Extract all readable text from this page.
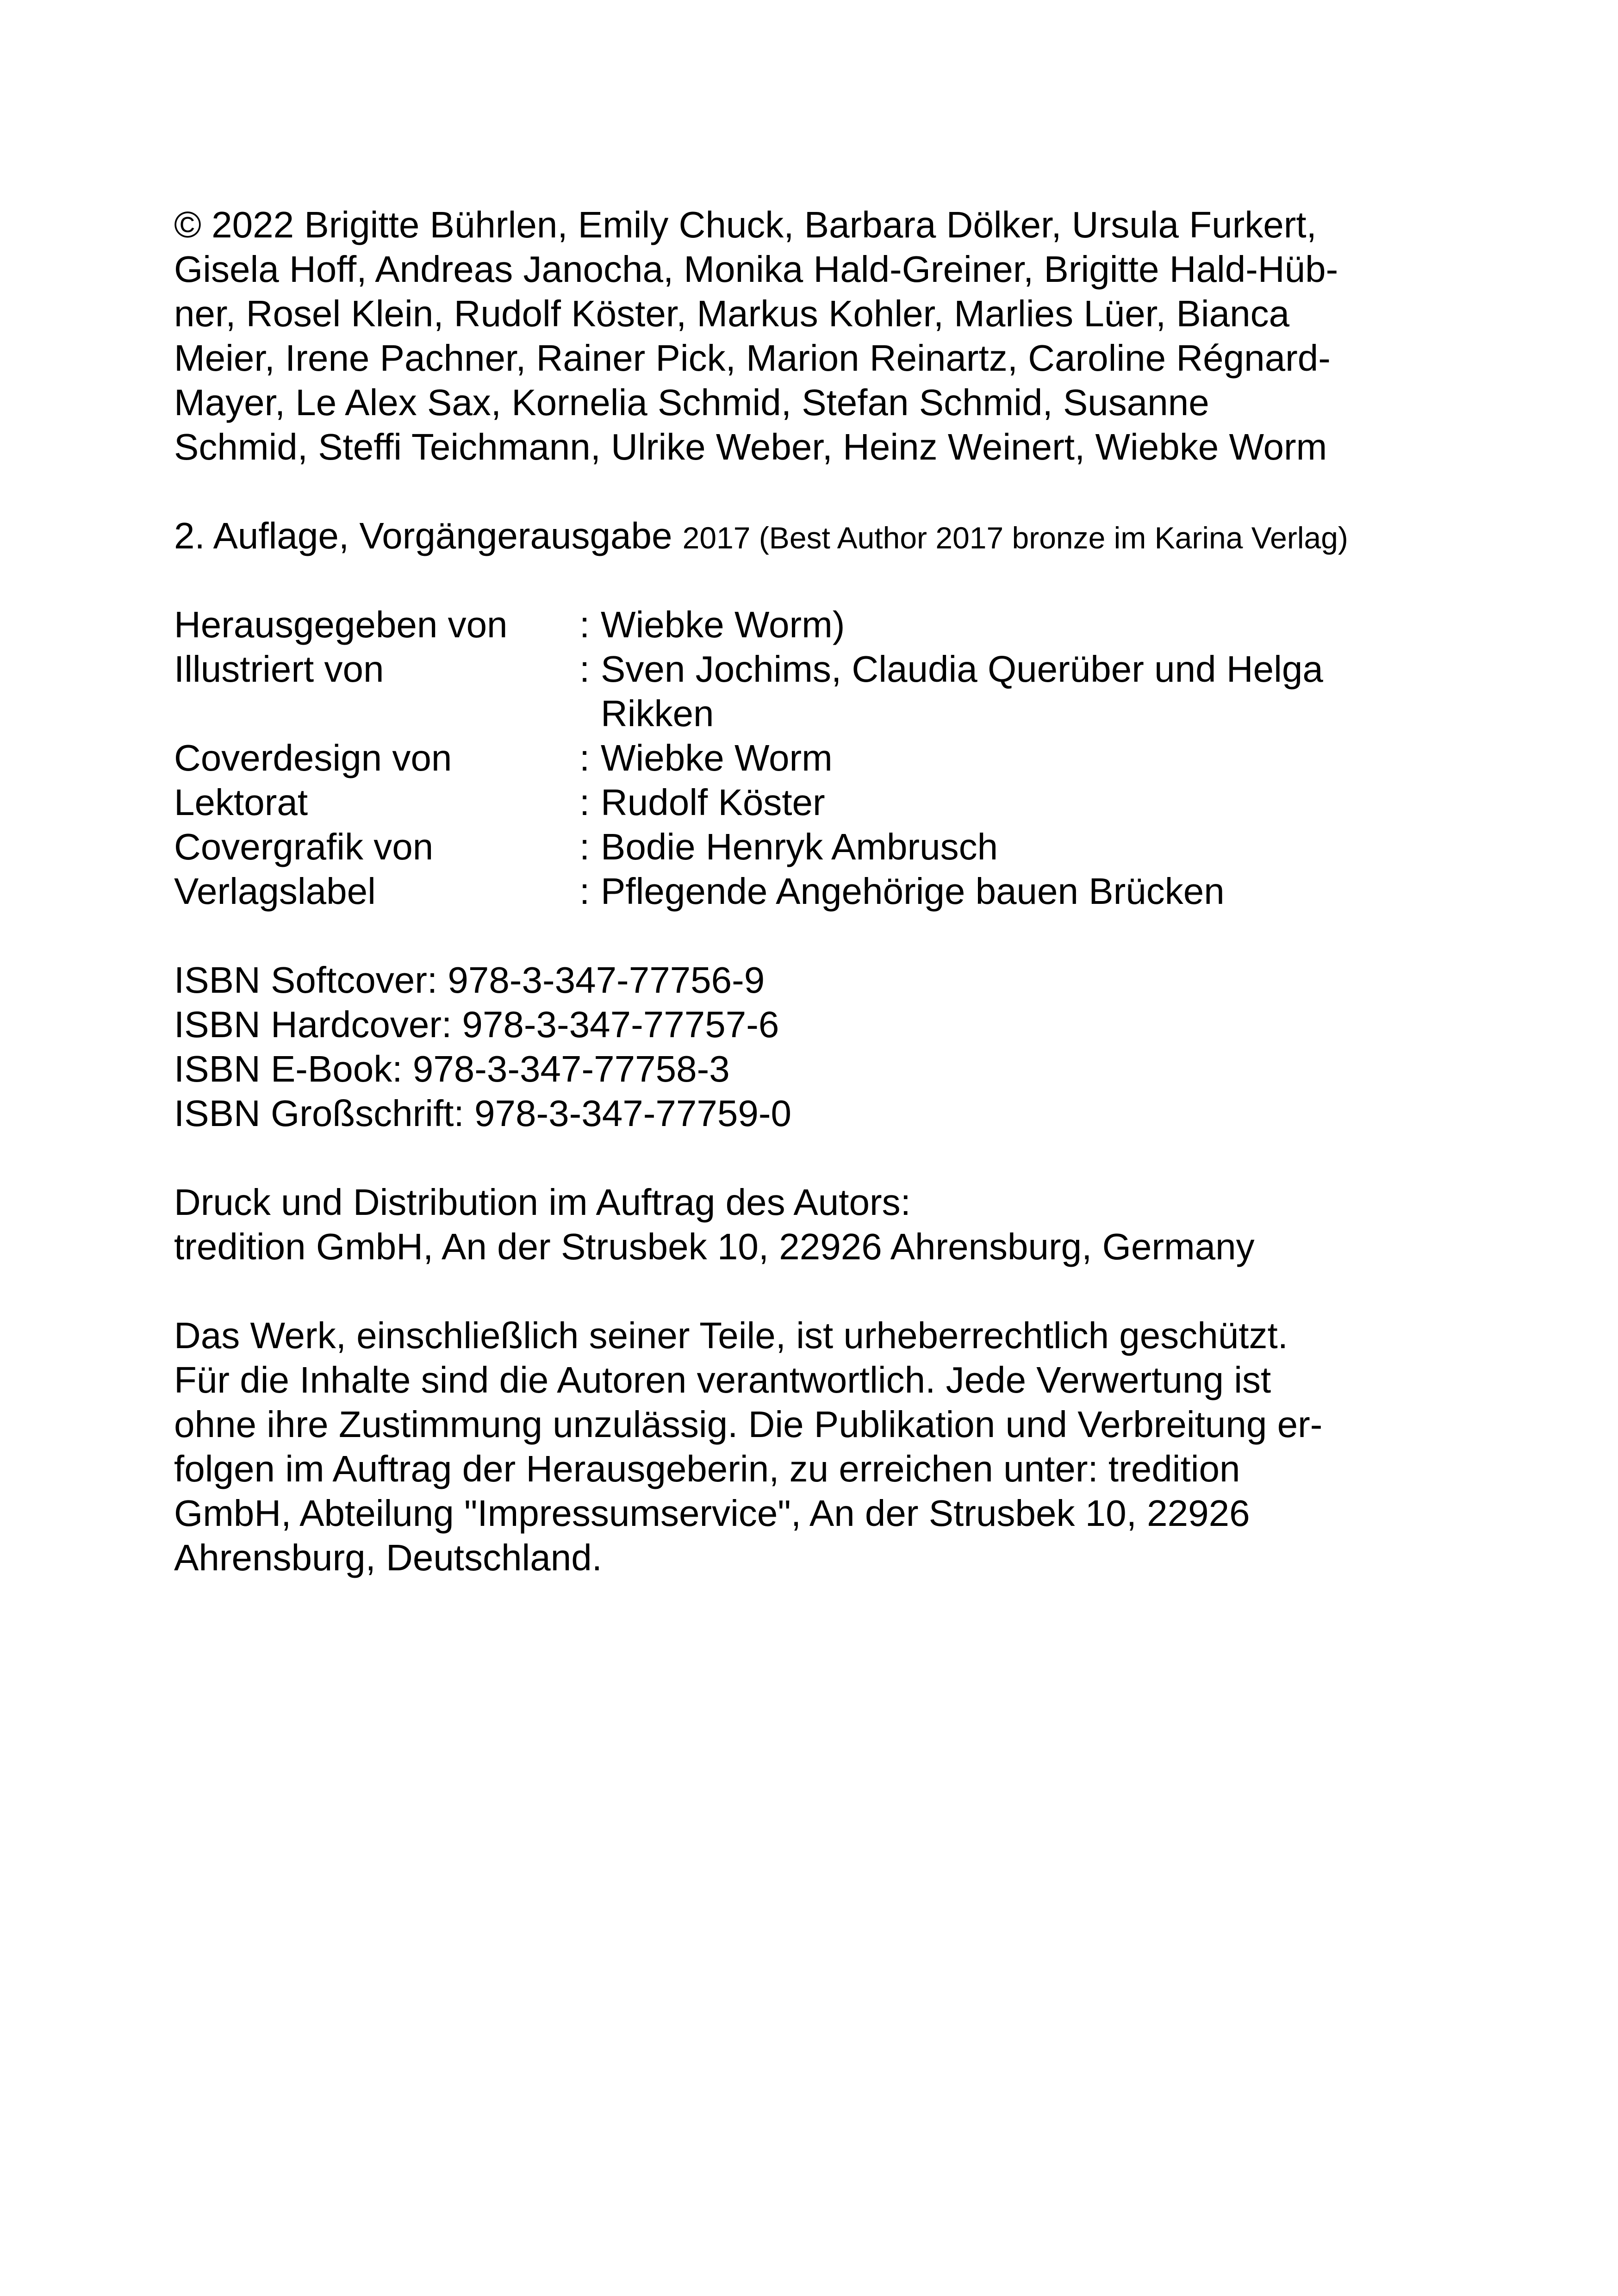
© 2022 Brigitte Bührlen, Emily Chuck, Barbara Dölker, Ursula Furkert,
Gisela Hoff, Andreas Janocha, Monika Hald-Greiner, Brigitte Hald-Hüb-
ner, Rosel Klein, Rudolf Köster, Markus Kohler, Marlies Lüer, Bianca
Meier, Irene Pachner, Rainer Pick, Marion Reinartz, Caroline Régnard-
Mayer, Le Alex Sax, Kornelia Schmid, Stefan Schmid, Susanne
Schmid, Steffi Teichmann, Ulrike Weber, Heinz Weinert, Wiebke Worm
2. Auflage, Vorgängerausgabe 2017 (Best Author 2017 bronze im Karina Verlag)
Herausgegeben von	: Wiebke Worm)
Illustriert von	: Sven Jochims, Claudia Querüber und Helga
Rikken
Coverdesign von	: Wiebke Worm
Lektorat	: Rudolf Köster
Covergrafik von	: Bodie Henryk Ambrusch
Verlagslabel	: Pflegende Angehörige bauen Brücken
ISBN Softcover: 978-3-347-77756-9
ISBN Hardcover: 978-3-347-77757-6
ISBN E-Book: 978-3-347-77758-3
ISBN Großschrift: 978-3-347-77759-0
Druck und Distribution im Auftrag des Autors:
tredition GmbH, An der Strusbek 10, 22926 Ahrensburg, Germany
Das Werk, einschließlich seiner Teile, ist urheberrechtlich geschützt.
Für die Inhalte sind die Autoren verantwortlich. Jede Verwertung ist
ohne ihre Zustimmung unzulässig. Die Publikation und Verbreitung er-
folgen im Auftrag der Herausgeberin, zu erreichen unter: tredition
GmbH, Abteilung "Impressumservice", An der Strusbek 10, 22926
Ahrensburg, Deutschland.
